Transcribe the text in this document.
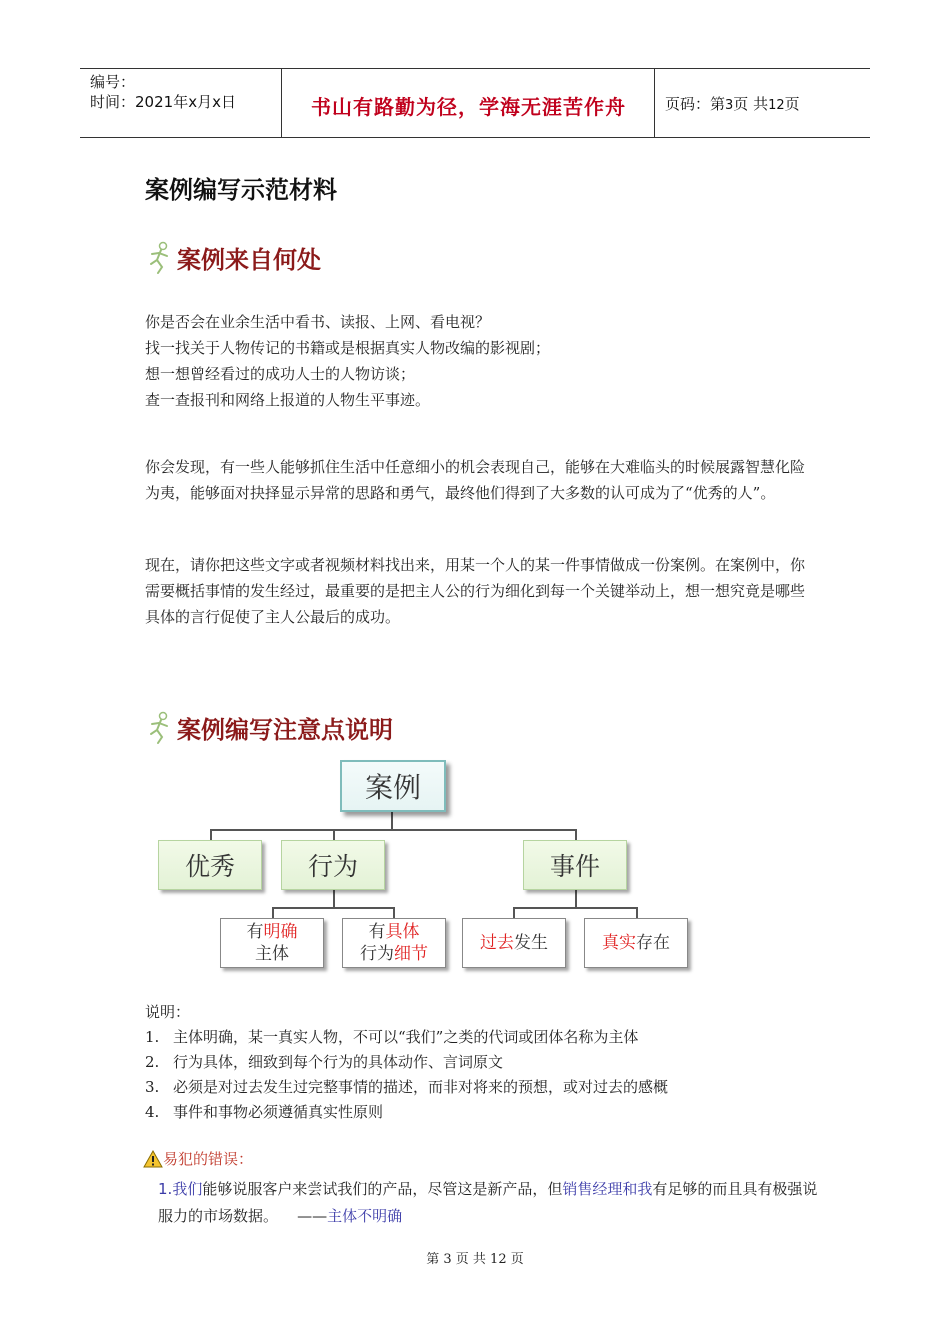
编号：
时间：2021年x月x日	书山有路勤为径，学海无涯苦作舟	页码：第3页 共12页
案例编写示范材料
案例来自何处

你是否会在业余生活中看书、读报、上网、看电视？

找一找关于人物传记的书籍或是根据真实人物改编的影视剧；

想一想曾经看过的成功人士的人物访谈；

查一查报刊和网络上报道的人物生平事迹。

你会发现，有一些人能够抓住生活中任意细小的机会表现自己，能够在大难临头的时候展露智慧化险为夷，能够面对抉择显示异常的思路和勇气，最终他们得到了大多数的认可成为了“优秀的人”。
现在，请你把这些文字或者视频材料找出来，用某一个人的某一件事情做成一份案例。在案例中，你需要概括事情的发生经过，最重要的是把主人公的行为细化到每一个关键举动上，想一想究竟是哪些具体的言行促使了主人公最后的成功。
案例编写注意点说明
案例
优秀	行为	事件
有明确
主体
有具体
行为细节
过去发生	真实存在
说明：
1. 主体明确，某一真实人物，不可以“我们”之类的代词或团体名称为主体
2. 行为具体，细致到每个行为的具体动作、言词原文
3. 必须是对过去发生过完整事情的描述，而非对将来的预想，或对过去的感概
4. 事件和事物必须遵循真实性原则
易犯的错误：
1.我们能够说服客户来尝试我们的产品，尽管这是新产品，但销售经理和我有足够的而且具有极强说服力的市场数据。 ——主体不明确
第 3 页 共 12 页
